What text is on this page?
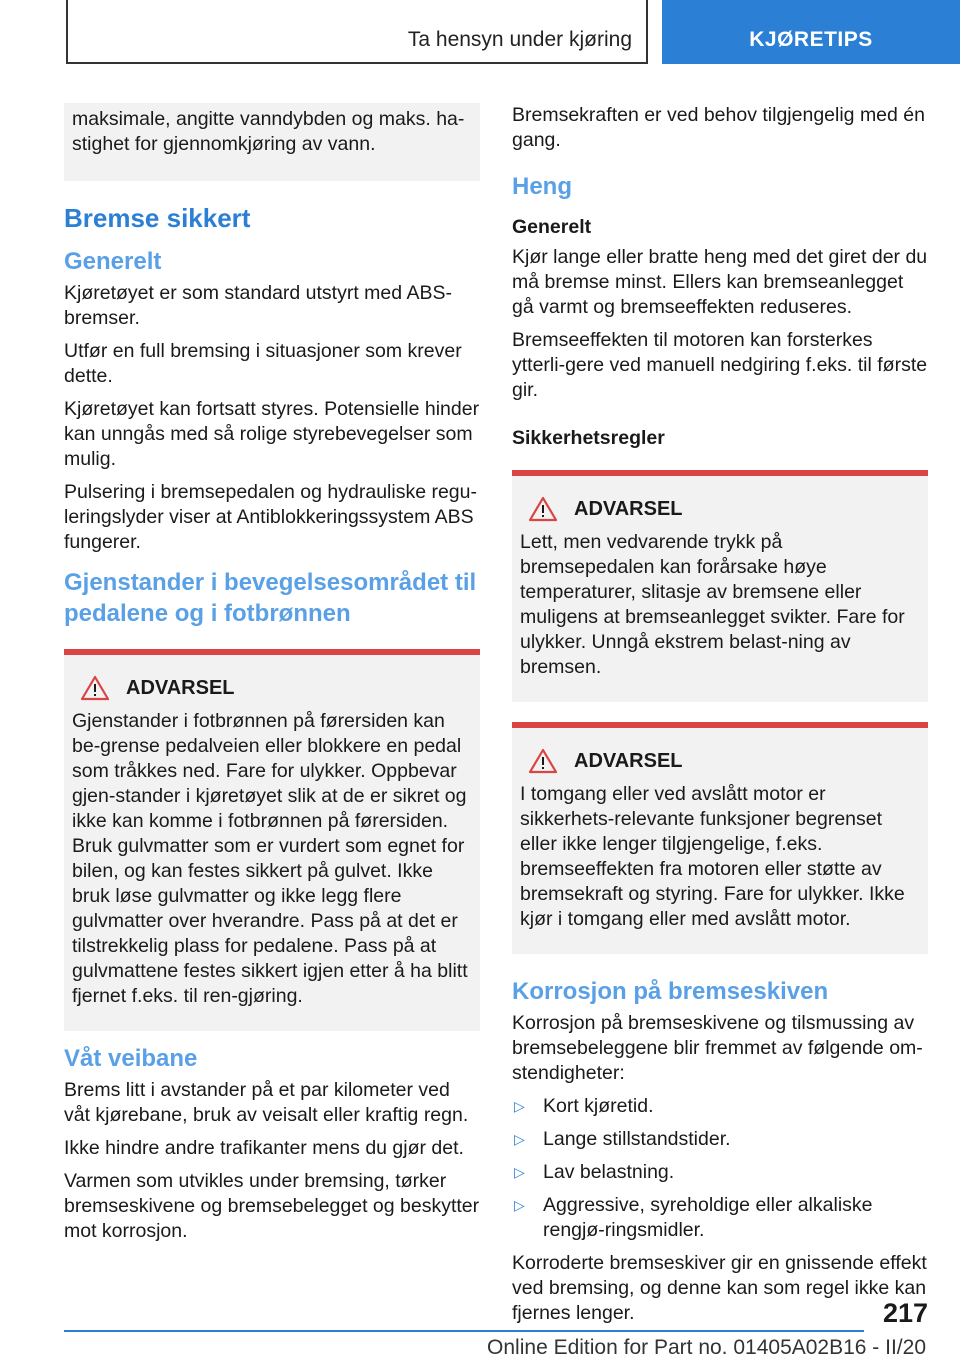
Ta hensyn under kjøring	KJØRETIPS

maksimale, angitte vanndybden og maks. ha-stighet for gjennomkjøring av vann.

Bremse sikkert
Generelt

Kjøretøyet er som standard utstyrt med ABS-bremser.

Utfør en full bremsing i situasjoner som krever dette.

Kjøretøyet kan fortsatt styres. Potensielle hinder kan unngås med så rolige styrebevegelser som mulig.

Pulsering i bremsepedalen og hydrauliske regu-leringslyder viser at Antiblokkeringssystem ABS fungerer.

Gjenstander i bevegelsesområdet til pedalene og i fotbrønnen
ADVARSEL

Gjenstander i fotbrønnen på førersiden kan be-grense pedalveien eller blokkere en pedal som tråkkes ned. Fare for ulykker. Oppbevar gjen-stander i kjøretøyet slik at de er sikret og ikke kan komme i fotbrønnen på førersiden. Bruk gulvmatter som er vurdert som egnet for bilen, og kan festes sikkert på gulvet. Ikke bruk løse gulvmatter og ikke legg flere gulvmatter over hverandre. Pass på at det er tilstrekkelig plass for pedalene. Pass på at gulvmattene festes sikkert igjen etter å ha blitt fjernet f.eks. til ren-gjøring.

Våt veibane

Brems litt i avstander på et par kilometer ved våt kjørebane, bruk av veisalt eller kraftig regn.

Ikke hindre andre trafikanter mens du gjør det.

Varmen som utvikles under bremsing, tørker bremseskivene og bremsebelegget og beskytter mot korrosjon.

Bremsekraften er ved behov tilgjengelig med én gang.

Heng
Generelt

Kjør lange eller bratte heng med det giret der du må bremse minst. Ellers kan bremseanlegget gå varmt og bremseeffekten reduseres.

Bremseeffekten til motoren kan forsterkes ytterli-gere ved manuell nedgiring f.eks. til første gir.

Sikkerhetsregler
ADVARSEL

Lett, men vedvarende trykk på bremsepedalen kan forårsake høye temperaturer, slitasje av bremsene eller muligens at bremseanlegget svikter. Fare for ulykker. Unngå ekstrem belast-ning av bremsen.

ADVARSEL

I tomgang eller ved avslått motor er sikkerhets-relevante funksjoner begrenset eller ikke lenger tilgjengelige, f.eks. bremseeffekten fra motoren eller støtte av bremsekraft og styring. Fare for ulykker. Ikke kjør i tomgang eller med avslått motor.

Korrosjon på bremseskiven

Korrosjon på bremseskivene og tilsmussing av bremsebeleggene blir fremmet av følgende om-stendigheter:

▷ Kort kjøretid.
▷ Lange stillstandstider.
▷ Lav belastning.
▷ Aggressive, syreholdige eller alkaliske rengjø-ringsmidler.

Korroderte bremseskiver gir en gnissende effekt ved bremsing, og denne kan som regel ikke kan fjernes lenger.	217
Online Edition for Part no. 01405A02B16 - II/20
